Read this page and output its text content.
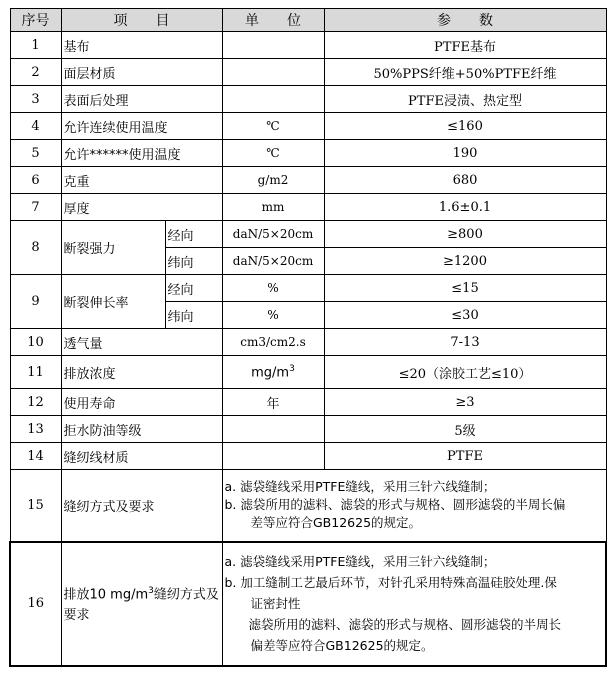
序号	项　　目		单　　位	参　　数
1	基布			PTFE基布
2	面层材质			50%PPS纤维+50%PTFE纤维
3	表面后处理			PTFE浸渍、热定型
4	允许连续使用温度		℃	≤160
5	允许******使用温度		℃	190
6	克重		g/m2	680
7	厚度		mm	1.6±0.1
8	断裂强力	经向	daN/5×20cm	≥800
		纬向	daN/5×20cm	≥1200
9	断裂伸长率	经向	%	≤15
		纬向	%	≤30
10	透气量		cm3/cm2.s	7-13
11	排放浓度		$mg/m^3$	≤20（涂胶工艺≤10）
12	使用寿命		年	≥3
13	拒水防油等级			5级
14	缝纫线材质			PTFE
15	缝纫方式及要求		a. 滤袋缝线采用PTFE缝线，采用三针六线缝制；
b. 滤袋所用的滤料、滤袋的形式与规格、圆形滤袋的半周长偏
差等应符合GB12625的规定。	

16	排放10 $mg/m^3$缝纫方式及要求		a. 滤袋缝线采用PTFE缝线，采用三针六线缝制；
b. 加工缝制工艺最后环节，对针孔采用特殊高温硅胶处理.保
证密封性
滤袋所用的滤料、滤袋的形式与规格、圆形滤袋的半周长
偏差等应符合GB12625的规定。	
